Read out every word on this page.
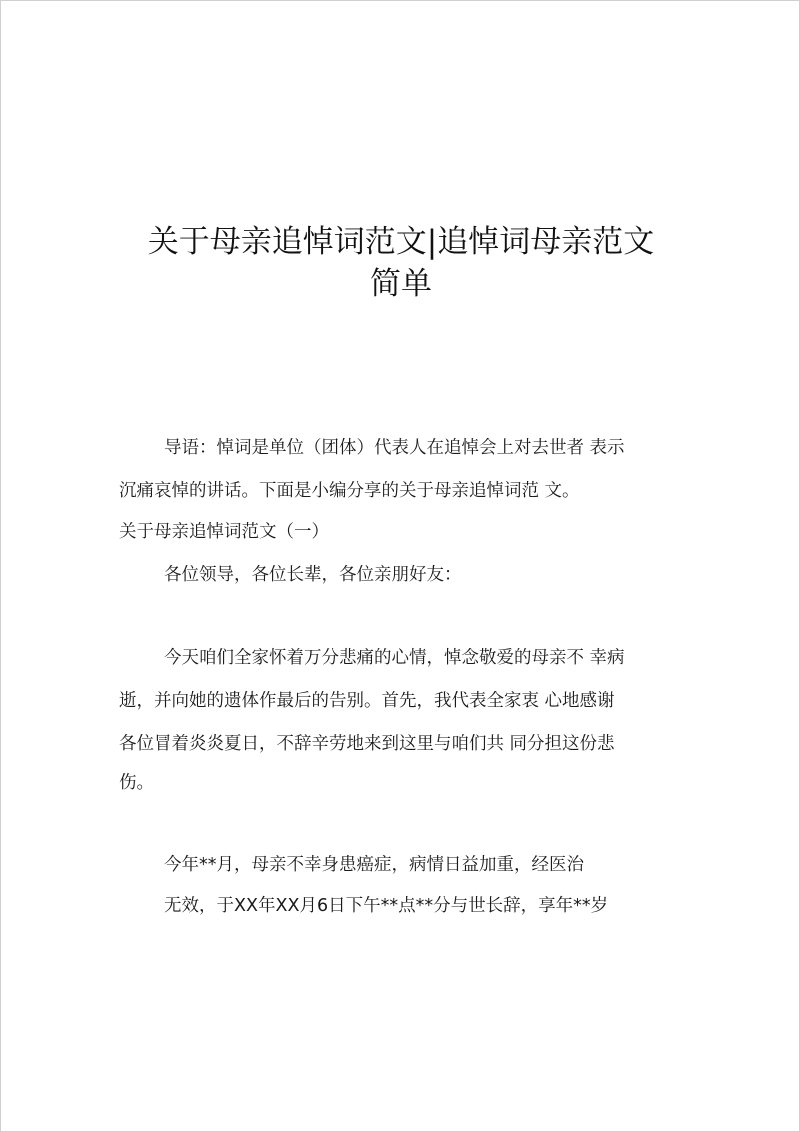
关于母亲追悼词范文|追悼词母亲范文
简单

导语：悼词是单位（团体）代表人在追悼会上对去世者 表示

沉痛哀悼的讲话。下面是小编分享的关于母亲追悼词范 文。

关于母亲追悼词范文（一）

各位领导，各位长辈，各位亲朋好友：

今天咱们全家怀着万分悲痛的心情，悼念敬爱的母亲不 幸病

逝，并向她的遗体作最后的告别。首先，我代表全家衷 心地感谢

各位冒着炎炎夏日，不辞辛劳地来到这里与咱们共 同分担这份悲

伤。

今年**月，母亲不幸身患癌症，病情日益加重，经医治

无效，于XX年XX月6日下午**点**分与世长辞，享年**岁
